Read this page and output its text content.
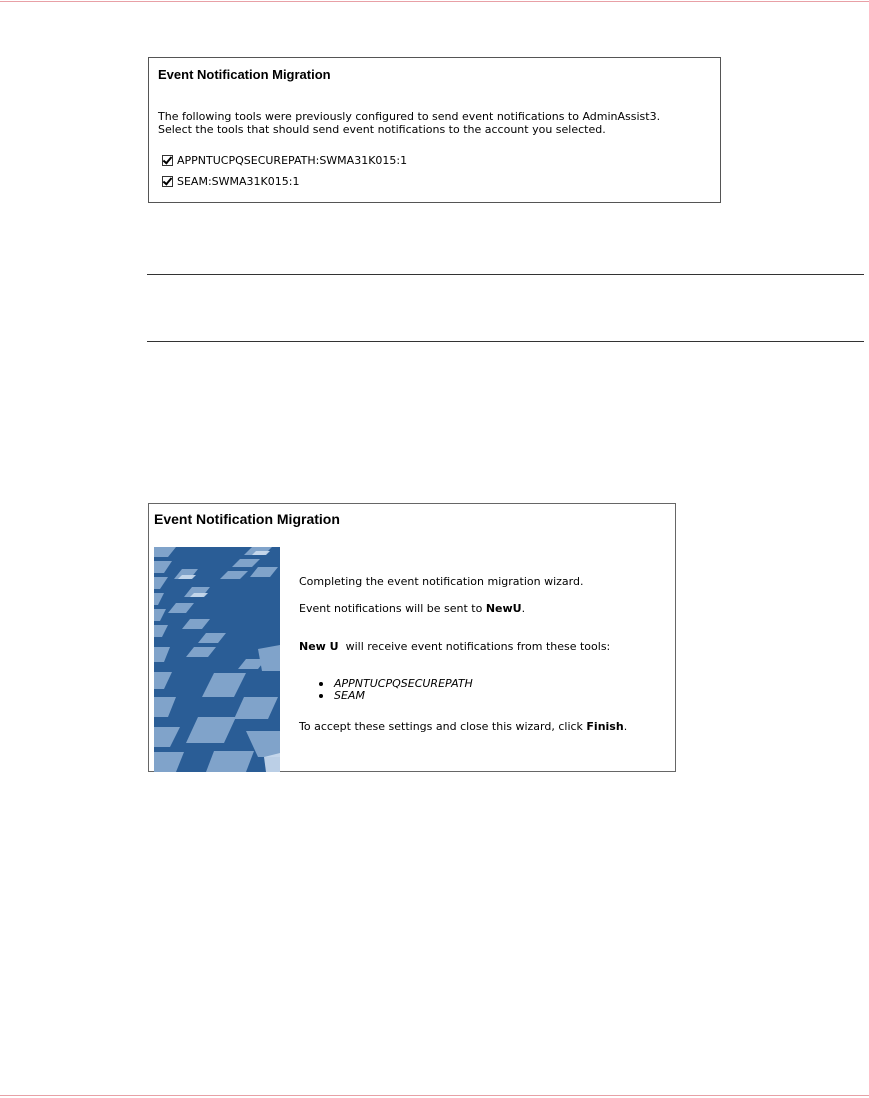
Event Notification Migration
The following tools were previously configured to send event notifications to AdminAssist3.
Select the tools that should send event notifications to the account you selected.
APPNTUCPQSECUREPATH:SWMA31K015:1
SEAM:SWMA31K015:1
Event Notification Migration
Completing the event notification migration wizard.
Event notifications will be sent to NewU.
New U  will receive event notifications from these tools:
APPNTUCPQSECUREPATH
SEAM
To accept these settings and close this wizard, click Finish.
